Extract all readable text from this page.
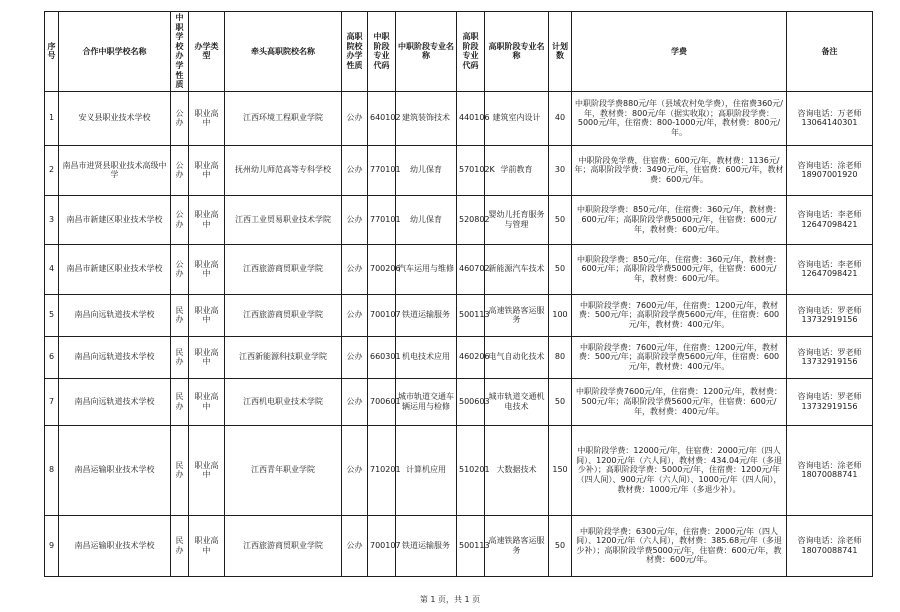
序号	合作中职学校名称	中职学校办学性质	办学类型	牵头高职院校名称	高职院校办学性质	中职阶段专业代码	中职阶段专业名称	高职阶段专业代码	高职阶段专业名称	计划数	学费	备注
1	安义县职业技术学校	公办	职业高中	江西环境工程职业学院	公办	640102	建筑装饰技术	440106	建筑室内设计	40	中职阶段学费880元/年（县域农村免学费），住宿费360元/年，教材费：800元/年（据实收取）；高职阶段学费：5000元/年，住宿费：800-1000元/年，教材费：800元/年。	咨询电话：万老师13064140301
2	南昌市进贤县职业技术高级中学	公办	职业高中	抚州幼儿师范高等专科学校	公办	770101	幼儿保育	570102K	学前教育	30	中职阶段免学费，住宿费：600元/年，教材费：1136元/年；高职阶段学费：3490元/年，住宿费：600元/年，教材费：600元/年。	咨询电话：涂老师18907001920
3	南昌市新建区职业技术学校	公办	职业高中	江西工业贸易职业技术学院	公办	770101	幼儿保育	520802	婴幼儿托育服务与管理	50	中职阶段学费：850元/年，住宿费：360元/年，教材费：600元/年；高职阶段学费5000元/年，住宿费：600元/年，教材费：600元/年。	咨询电话：李老师12647098421
4	南昌市新建区职业技术学校	公办	职业高中	江西旅游商贸职业学院	公办	700206	汽车运用与维修	460702	新能源汽车技术	50	中职阶段学费：850元/年，住宿费：360元/年，教材费：600元/年；高职阶段学费5000元/年，住宿费：600元/年，教材费：600元/年。	咨询电话：李老师12647098421
5	南昌向远轨道技术学校	民办	职业高中	江西旅游商贸职业学院	公办	700107	铁道运输服务	500113	高速铁路客运服务	100	中职阶段学费：7600元/年，住宿费：1200元/年，教材费：500元/年；高职阶段学费5600元/年，住宿费：600元/年，教材费：400元/年。	咨询电话：罗老师13732919156
6	南昌向远轨道技术学校	民办	职业高中	江西新能源科技职业学院	公办	660301	机电技术应用	460206	电气自动化技术	80	中职阶段学费：7600元/年，住宿费：1200元/年，教材费：500元/年；高职阶段学费5600元/年，住宿费：600元/年，教材费：400元/年。	咨询电话：罗老师13732919156
7	南昌向远轨道技术学校	民办	职业高中	江西机电职业技术学院	公办	700601	城市轨道交通车辆运用与检修	500603	城市轨道交通机电技术	50	中职阶段学费7600元/年，住宿费：1200元/年，教材费：500元/年；高职阶段学费5600元/年，住宿费：600元/年，教材费：400元/年。	咨询电话：罗老师13732919156
8	南昌运输职业技术学校	民办	职业高中	江西青年职业学院	公办	710201	计算机应用	510201	大数据技术	150	中职阶段学费：12000元/年，住宿费：2000元/年（四人间）、1200元/年（六人间），教材费：434.04元/年（多退少补）；高职阶段学费：5000元/年，住宿费：1200元/年（四人间）、900元/年（六人间）、1000元/年（四人间），教材费：1000元/年（多退少补）。	咨询电话：涂老师18070088741
9	南昌运输职业技术学校	民办	职业高中	江西旅游商贸职业学院	公办	700107	铁道运输服务	500113	高速铁路客运服务	50	中职阶段学费：6300元/年，住宿费：2000元/年（四人间）、1200元/年（六人间），教材费：385.68元/年（多退少补）；高职阶段学费5000元/年，住宿费：600元/年，教材费：600元/年。	咨询电话：涂老师18070088741
第 1 页，共 1 页
